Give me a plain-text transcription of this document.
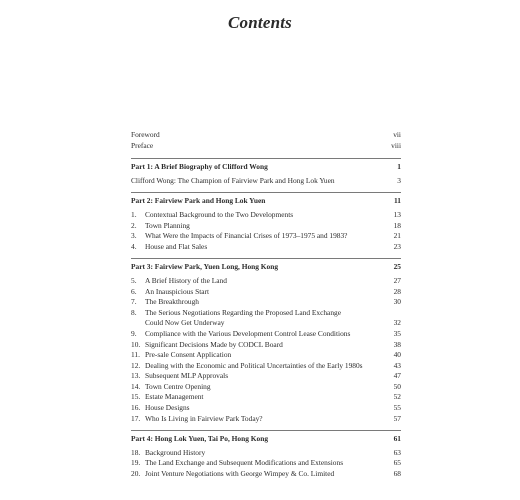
Contents
Foreword	vii
Preface	viii
Part 1: A Brief Biography of Clifford Wong	1
Clifford Wong: The Champion of Fairview Park and Hong Lok Yuen	3
Part 2: Fairview Park and Hong Lok Yuen	11
1.	Contextual Background to the Two Developments	13
2.	Town Planning	18
3.	What Were the Impacts of Financial Crises of 1973–1975 and 1983?	21
4.	House and Flat Sales	23
Part 3: Fairview Park, Yuen Long, Hong Kong	25
5.	A Brief History of the Land	27
6.	An Inauspicious Start	28
7.	The Breakthrough	30
8.	The Serious Negotiations Regarding the Proposed Land Exchange
Could Now Get Underway	32
9.	Compliance with the Various Development Control Lease Conditions	35
10. Significant Decisions Made by CODCL Board	38
11. Pre-sale Consent Application	40
12. Dealing with the Economic and Political Uncertainties of the Early 1980s	43
13. Subsequent MLP Approvals	47
14. Town Centre Opening	50
15. Estate Management	52
16. House Designs	55
17. Who Is Living in Fairview Park Today?	57
Part 4: Hong Lok Yuen, Tai Po, Hong Kong	61
18. Background History	63
19. The Land Exchange and Subsequent Modifications and Extensions	65
20. Joint Venture Negotiations with George Wimpey & Co. Limited	68
